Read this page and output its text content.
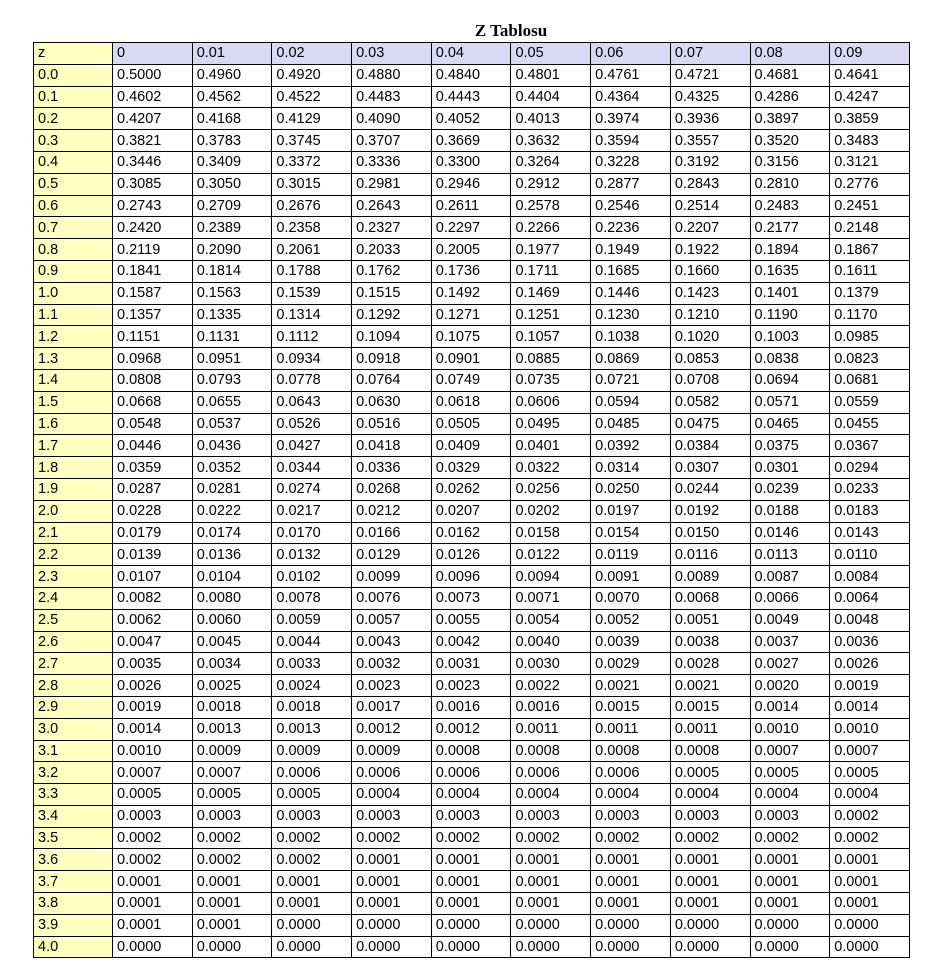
Z Tablosu
z	0	0.01	0.02	0.03	0.04	0.05	0.06	0.07	0.08	0.09
0.0	0.5000	0.4960	0.4920	0.4880	0.4840	0.4801	0.4761	0.4721	0.4681	0.4641
0.1	0.4602	0.4562	0.4522	0.4483	0.4443	0.4404	0.4364	0.4325	0.4286	0.4247
0.2	0.4207	0.4168	0.4129	0.4090	0.4052	0.4013	0.3974	0.3936	0.3897	0.3859
0.3	0.3821	0.3783	0.3745	0.3707	0.3669	0.3632	0.3594	0.3557	0.3520	0.3483
0.4	0.3446	0.3409	0.3372	0.3336	0.3300	0.3264	0.3228	0.3192	0.3156	0.3121
0.5	0.3085	0.3050	0.3015	0.2981	0.2946	0.2912	0.2877	0.2843	0.2810	0.2776
0.6	0.2743	0.2709	0.2676	0.2643	0.2611	0.2578	0.2546	0.2514	0.2483	0.2451
0.7	0.2420	0.2389	0.2358	0.2327	0.2297	0.2266	0.2236	0.2207	0.2177	0.2148
0.8	0.2119	0.2090	0.2061	0.2033	0.2005	0.1977	0.1949	0.1922	0.1894	0.1867
0.9	0.1841	0.1814	0.1788	0.1762	0.1736	0.1711	0.1685	0.1660	0.1635	0.1611
1.0	0.1587	0.1563	0.1539	0.1515	0.1492	0.1469	0.1446	0.1423	0.1401	0.1379
1.1	0.1357	0.1335	0.1314	0.1292	0.1271	0.1251	0.1230	0.1210	0.1190	0.1170
1.2	0.1151	0.1131	0.1112	0.1094	0.1075	0.1057	0.1038	0.1020	0.1003	0.0985
1.3	0.0968	0.0951	0.0934	0.0918	0.0901	0.0885	0.0869	0.0853	0.0838	0.0823
1.4	0.0808	0.0793	0.0778	0.0764	0.0749	0.0735	0.0721	0.0708	0.0694	0.0681
1.5	0.0668	0.0655	0.0643	0.0630	0.0618	0.0606	0.0594	0.0582	0.0571	0.0559
1.6	0.0548	0.0537	0.0526	0.0516	0.0505	0.0495	0.0485	0.0475	0.0465	0.0455
1.7	0.0446	0.0436	0.0427	0.0418	0.0409	0.0401	0.0392	0.0384	0.0375	0.0367
1.8	0.0359	0.0352	0.0344	0.0336	0.0329	0.0322	0.0314	0.0307	0.0301	0.0294
1.9	0.0287	0.0281	0.0274	0.0268	0.0262	0.0256	0.0250	0.0244	0.0239	0.0233
2.0	0.0228	0.0222	0.0217	0.0212	0.0207	0.0202	0.0197	0.0192	0.0188	0.0183
2.1	0.0179	0.0174	0.0170	0.0166	0.0162	0.0158	0.0154	0.0150	0.0146	0.0143
2.2	0.0139	0.0136	0.0132	0.0129	0.0126	0.0122	0.0119	0.0116	0.0113	0.0110
2.3	0.0107	0.0104	0.0102	0.0099	0.0096	0.0094	0.0091	0.0089	0.0087	0.0084
2.4	0.0082	0.0080	0.0078	0.0076	0.0073	0.0071	0.0070	0.0068	0.0066	0.0064
2.5	0.0062	0.0060	0.0059	0.0057	0.0055	0.0054	0.0052	0.0051	0.0049	0.0048
2.6	0.0047	0.0045	0.0044	0.0043	0.0042	0.0040	0.0039	0.0038	0.0037	0.0036
2.7	0.0035	0.0034	0.0033	0.0032	0.0031	0.0030	0.0029	0.0028	0.0027	0.0026
2.8	0.0026	0.0025	0.0024	0.0023	0.0023	0.0022	0.0021	0.0021	0.0020	0.0019
2.9	0.0019	0.0018	0.0018	0.0017	0.0016	0.0016	0.0015	0.0015	0.0014	0.0014
3.0	0.0014	0.0013	0.0013	0.0012	0.0012	0.0011	0.0011	0.0011	0.0010	0.0010
3.1	0.0010	0.0009	0.0009	0.0009	0.0008	0.0008	0.0008	0.0008	0.0007	0.0007
3.2	0.0007	0.0007	0.0006	0.0006	0.0006	0.0006	0.0006	0.0005	0.0005	0.0005
3.3	0.0005	0.0005	0.0005	0.0004	0.0004	0.0004	0.0004	0.0004	0.0004	0.0004
3.4	0.0003	0.0003	0.0003	0.0003	0.0003	0.0003	0.0003	0.0003	0.0003	0.0002
3.5	0.0002	0.0002	0.0002	0.0002	0.0002	0.0002	0.0002	0.0002	0.0002	0.0002
3.6	0.0002	0.0002	0.0002	0.0001	0.0001	0.0001	0.0001	0.0001	0.0001	0.0001
3.7	0.0001	0.0001	0.0001	0.0001	0.0001	0.0001	0.0001	0.0001	0.0001	0.0001
3.8	0.0001	0.0001	0.0001	0.0001	0.0001	0.0001	0.0001	0.0001	0.0001	0.0001
3.9	0.0001	0.0001	0.0000	0.0000	0.0000	0.0000	0.0000	0.0000	0.0000	0.0000
4.0	0.0000	0.0000	0.0000	0.0000	0.0000	0.0000	0.0000	0.0000	0.0000	0.0000
